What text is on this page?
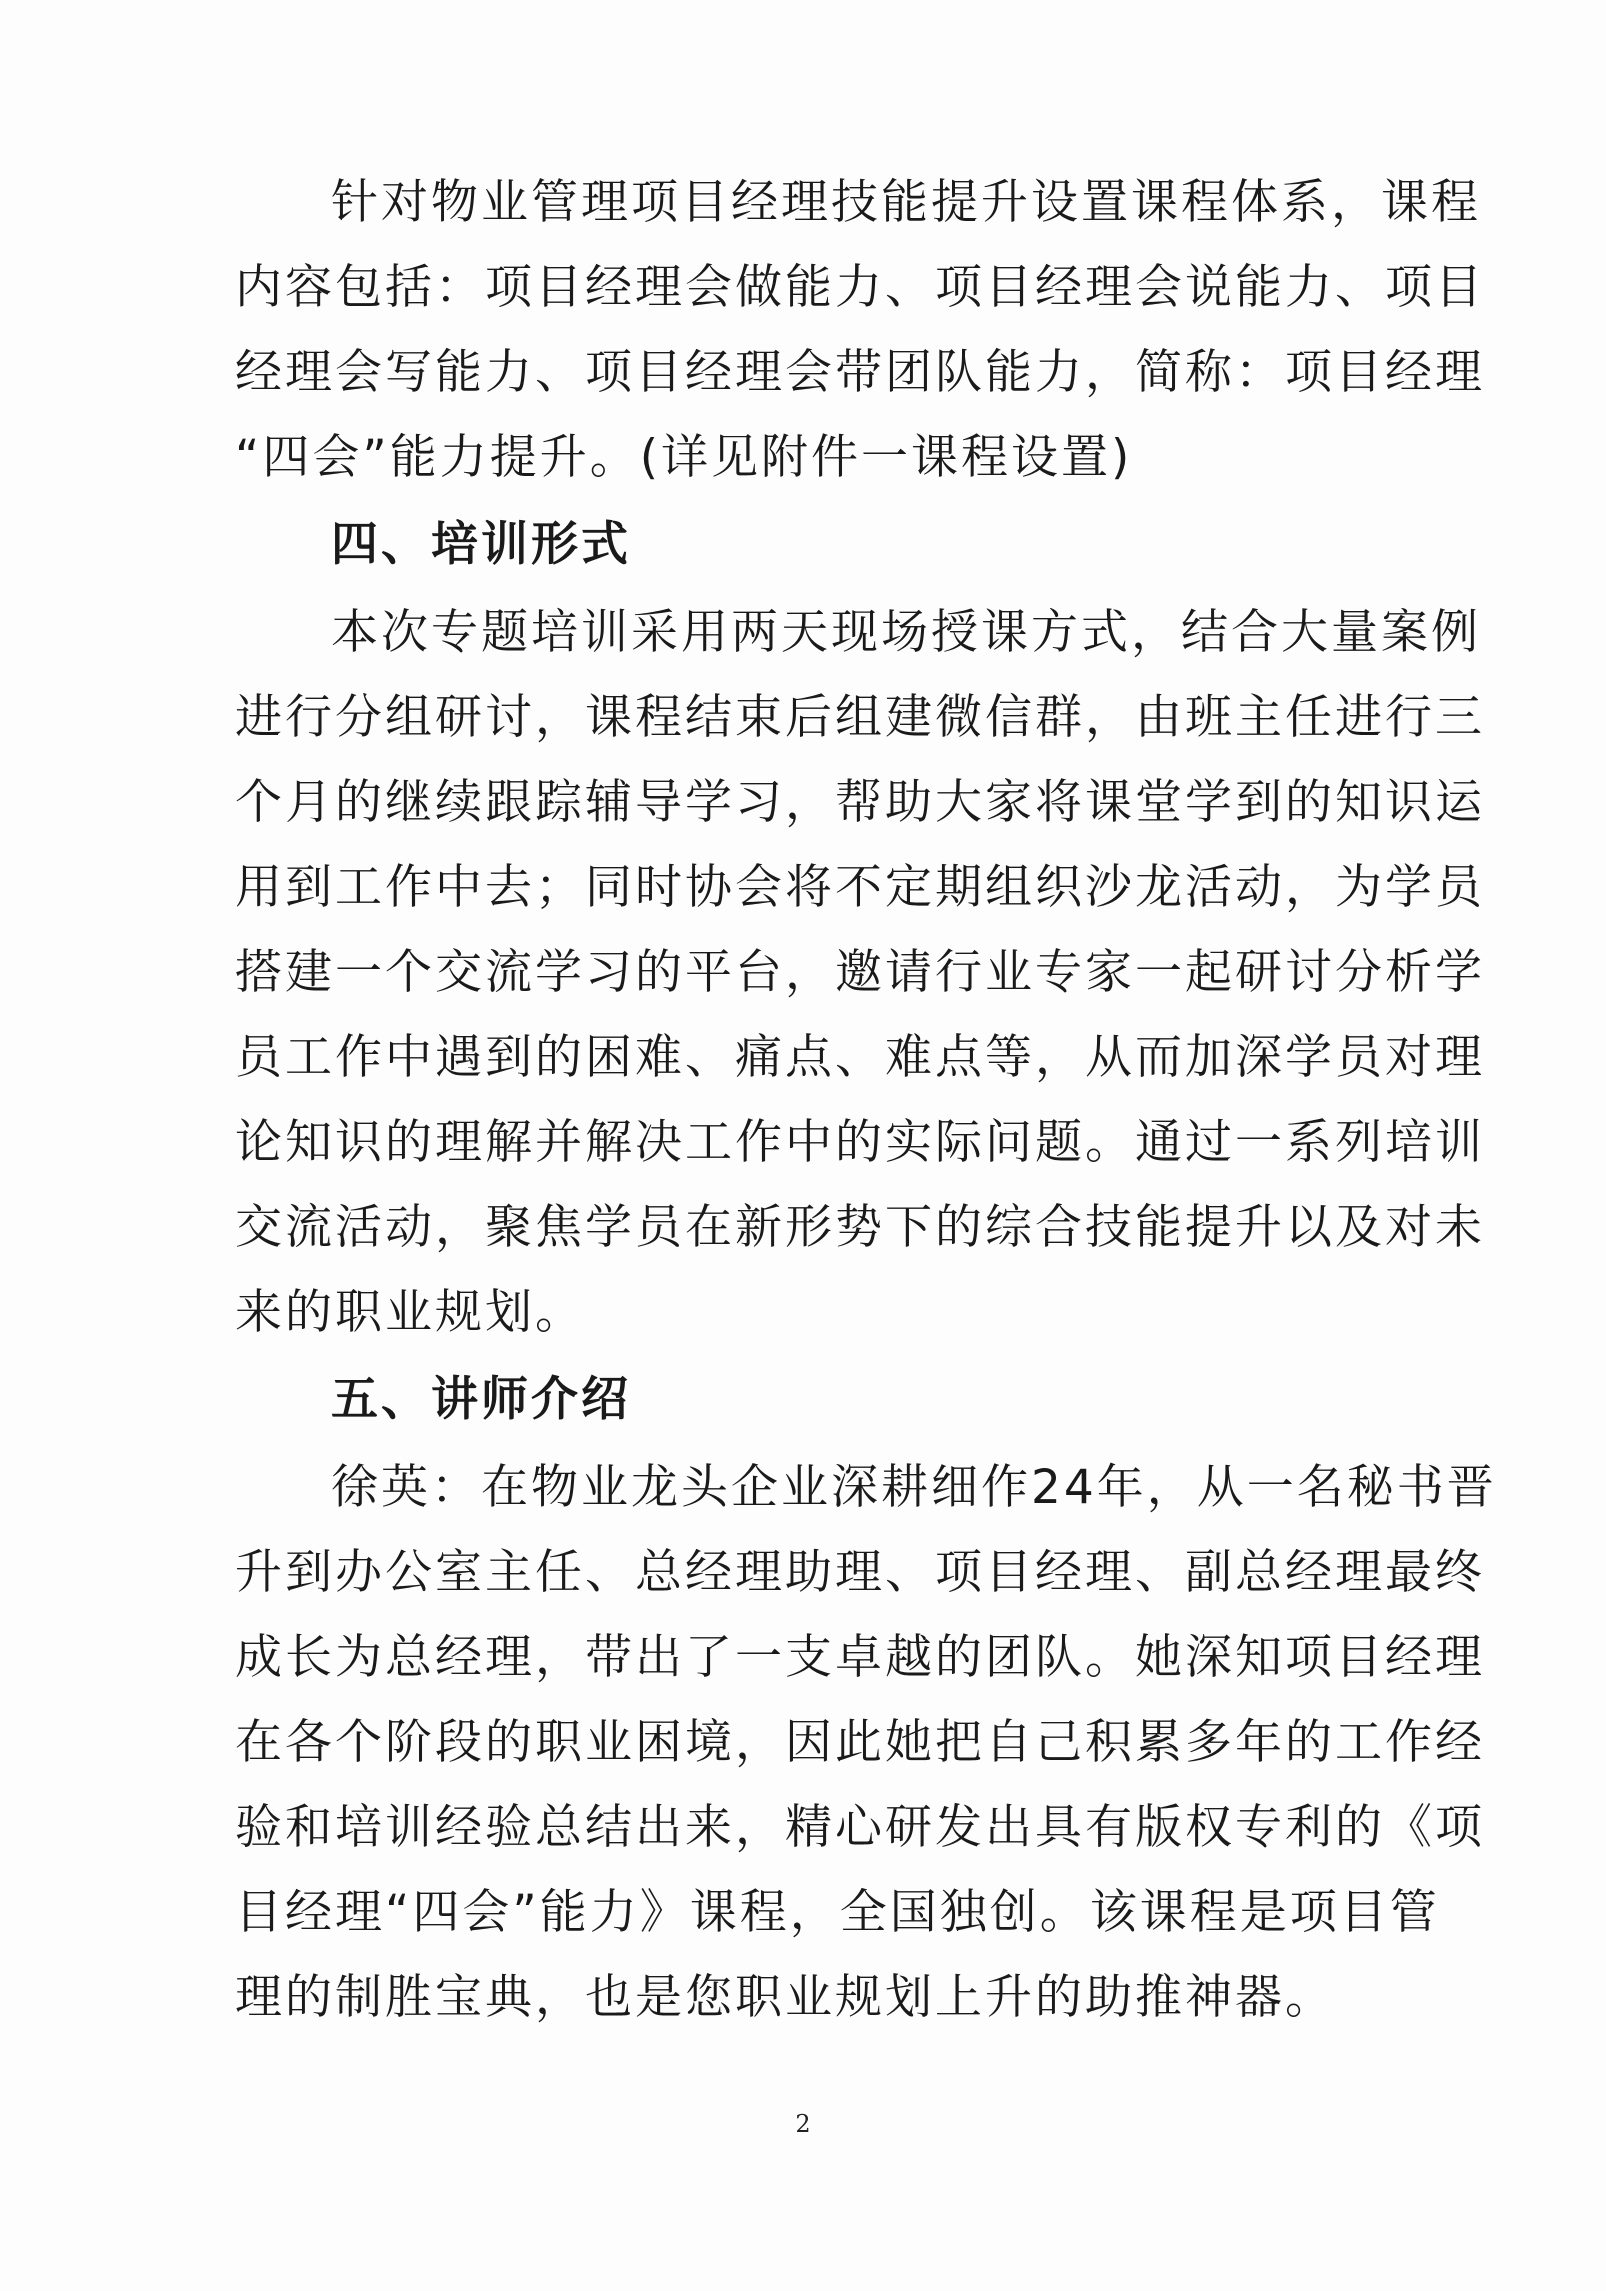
针对物业管理项目经理技能提升设置课程体系，课程
内容包括：项目经理会做能力、项目经理会说能力、项目
经理会写能力、项目经理会带团队能力，简称：项目经理
“四会”能力提升。(详见附件一课程设置)
四、培训形式
本次专题培训采用两天现场授课方式，结合大量案例
进行分组研讨，课程结束后组建微信群，由班主任进行三
个月的继续跟踪辅导学习，帮助大家将课堂学到的知识运
用到工作中去；同时协会将不定期组织沙龙活动，为学员
搭建一个交流学习的平台，邀请行业专家一起研讨分析学
员工作中遇到的困难、痛点、难点等，从而加深学员对理
论知识的理解并解决工作中的实际问题。通过一系列培训
交流活动，聚焦学员在新形势下的综合技能提升以及对未
来的职业规划。
五、讲师介绍
徐英：在物业龙头企业深耕细作24年，从一名秘书晋
升到办公室主任、总经理助理、项目经理、副总经理最终
成长为总经理，带出了一支卓越的团队。她深知项目经理
在各个阶段的职业困境，因此她把自己积累多年的工作经
验和培训经验总结出来，精心研发出具有版权专利的《项
目经理“四会”能力》课程，全国独创。该课程是项目管
理的制胜宝典，也是您职业规划上升的助推神器。
2
